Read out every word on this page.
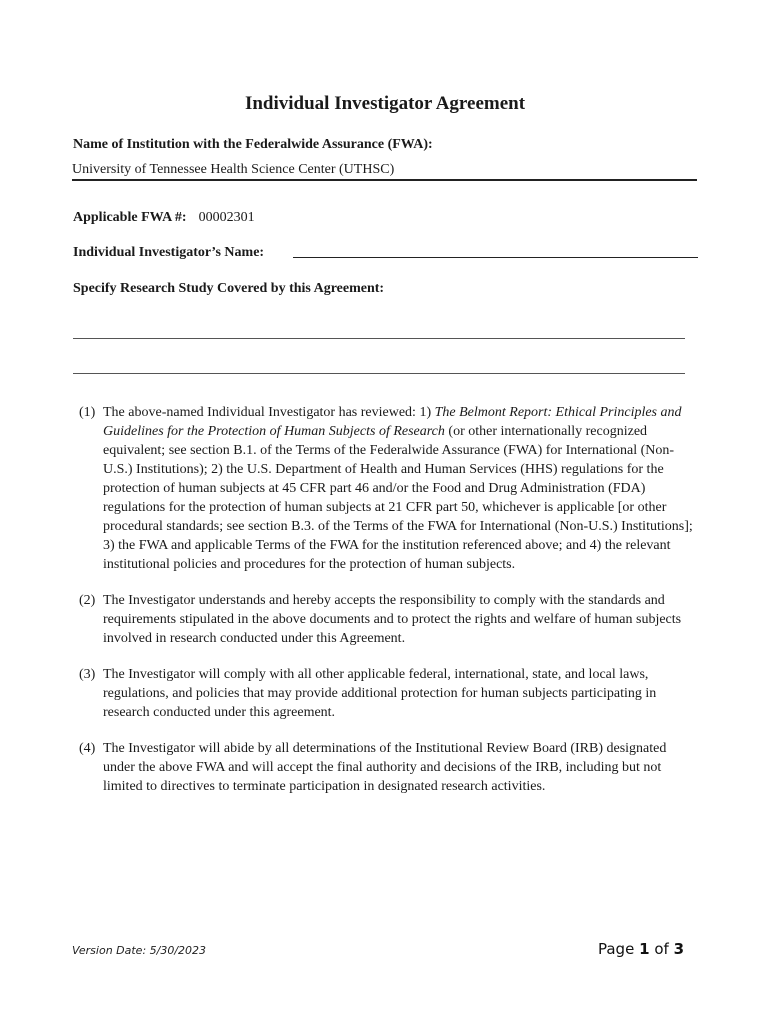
Individual Investigator Agreement
Name of Institution with the Federalwide Assurance (FWA):
University of Tennessee Health Science Center (UTHSC)
Applicable FWA #: 00002301
Individual Investigator’s Name:
Specify Research Study Covered by this Agreement:
(1) The above-named Individual Investigator has reviewed: 1) The Belmont Report: Ethical Principles and Guidelines for the Protection of Human Subjects of Research (or other internationally recognized equivalent; see section B.1. of the Terms of the Federalwide Assurance (FWA) for International (Non-U.S.) Institutions); 2) the U.S. Department of Health and Human Services (HHS) regulations for the protection of human subjects at 45 CFR part 46 and/or the Food and Drug Administration (FDA) regulations for the protection of human subjects at 21 CFR part 50, whichever is applicable [or other procedural standards; see section B.3. of the Terms of the FWA for International (Non-U.S.) Institutions]; 3) the FWA and applicable Terms of the FWA for the institution referenced above; and 4) the relevant institutional policies and procedures for the protection of human subjects.
(2) The Investigator understands and hereby accepts the responsibility to comply with the standards and requirements stipulated in the above documents and to protect the rights and welfare of human subjects involved in research conducted under this Agreement.
(3) The Investigator will comply with all other applicable federal, international, state, and local laws, regulations, and policies that may provide additional protection for human subjects participating in research conducted under this agreement.
(4) The Investigator will abide by all determinations of the Institutional Review Board (IRB) designated under the above FWA and will accept the final authority and decisions of the IRB, including but not limited to directives to terminate participation in designated research activities.
Version Date: 5/30/2023	Page 1 of 3
